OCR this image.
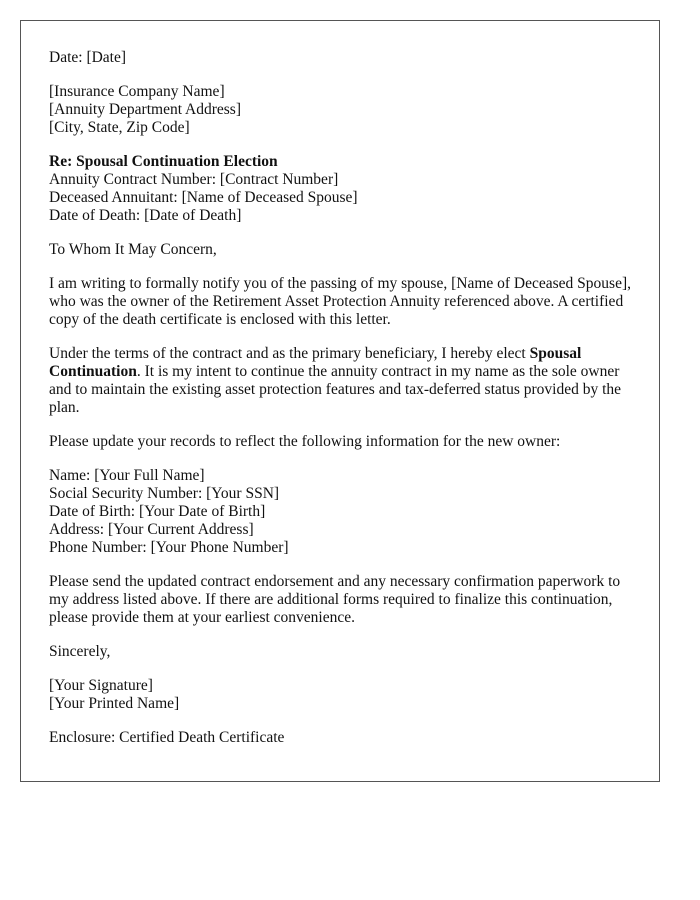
Date: [Date]
[Insurance Company Name]
[Annuity Department Address]
[City, State, Zip Code]
Re: Spousal Continuation Election
Annuity Contract Number: [Contract Number]
Deceased Annuitant: [Name of Deceased Spouse]
Date of Death: [Date of Death]
To Whom It May Concern,

I am writing to formally notify you of the passing of my spouse, [Name of Deceased Spouse], who was the owner of the Retirement Asset Protection Annuity referenced above. A certified copy of the death certificate is enclosed with this letter.

Under the terms of the contract and as the primary beneficiary, I hereby elect Spousal Continuation. It is my intent to continue the annuity contract in my name as the sole owner and to maintain the existing asset protection features and tax-deferred status provided by the plan.

Please update your records to reflect the following information for the new owner:

Name: [Your Full Name]
Social Security Number: [Your SSN]
Date of Birth: [Your Date of Birth]
Address: [Your Current Address]
Phone Number: [Your Phone Number]

Please send the updated contract endorsement and any necessary confirmation paperwork to my address listed above. If there are additional forms required to finalize this continuation, please provide them at your earliest convenience.

Sincerely,
[Your Signature]
[Your Printed Name]
Enclosure: Certified Death Certificate
